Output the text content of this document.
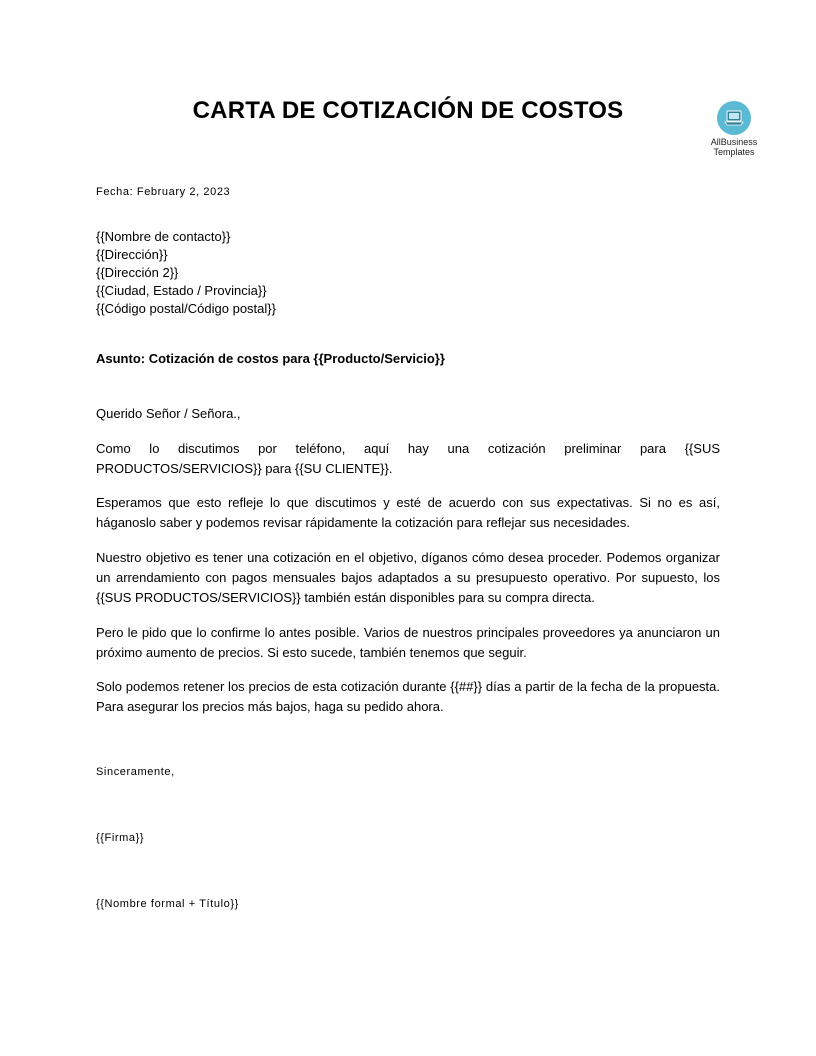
CARTA DE COTIZACIÓN DE COSTOS
AllBusiness
Templates
Fecha: February 2, 2023
{{Nombre de contacto}}
{{Dirección}}
{{Dirección 2}}
{{Ciudad, Estado / Provincia}}
{{Código postal/Código postal}}
Asunto: Cotización de costos para {{Producto/Servicio}}
Querido Señor / Señora.,

Como lo discutimos por teléfono, aquí hay una cotización preliminar para {{SUS PRODUCTOS/SERVICIOS}} para {{SU CLIENTE}}.

Esperamos que esto refleje lo que discutimos y esté de acuerdo con sus expectativas. Si no es así, háganoslo saber y podemos revisar rápidamente la cotización para reflejar sus necesidades.

Nuestro objetivo es tener una cotización en el objetivo, díganos cómo desea proceder. Podemos organizar un arrendamiento con pagos mensuales bajos adaptados a su presupuesto operativo. Por supuesto, los {{SUS PRODUCTOS/SERVICIOS}} también están disponibles para su compra directa.

Pero le pido que lo confirme lo antes posible. Varios de nuestros principales proveedores ya anunciaron un próximo aumento de precios. Si esto sucede, también tenemos que seguir.

Solo podemos retener los precios de esta cotización durante {{##}} días a partir de la fecha de la propuesta. Para asegurar los precios más bajos, haga su pedido ahora.

Sinceramente,
{{Firma}}
{{Nombre formal + Título}}
